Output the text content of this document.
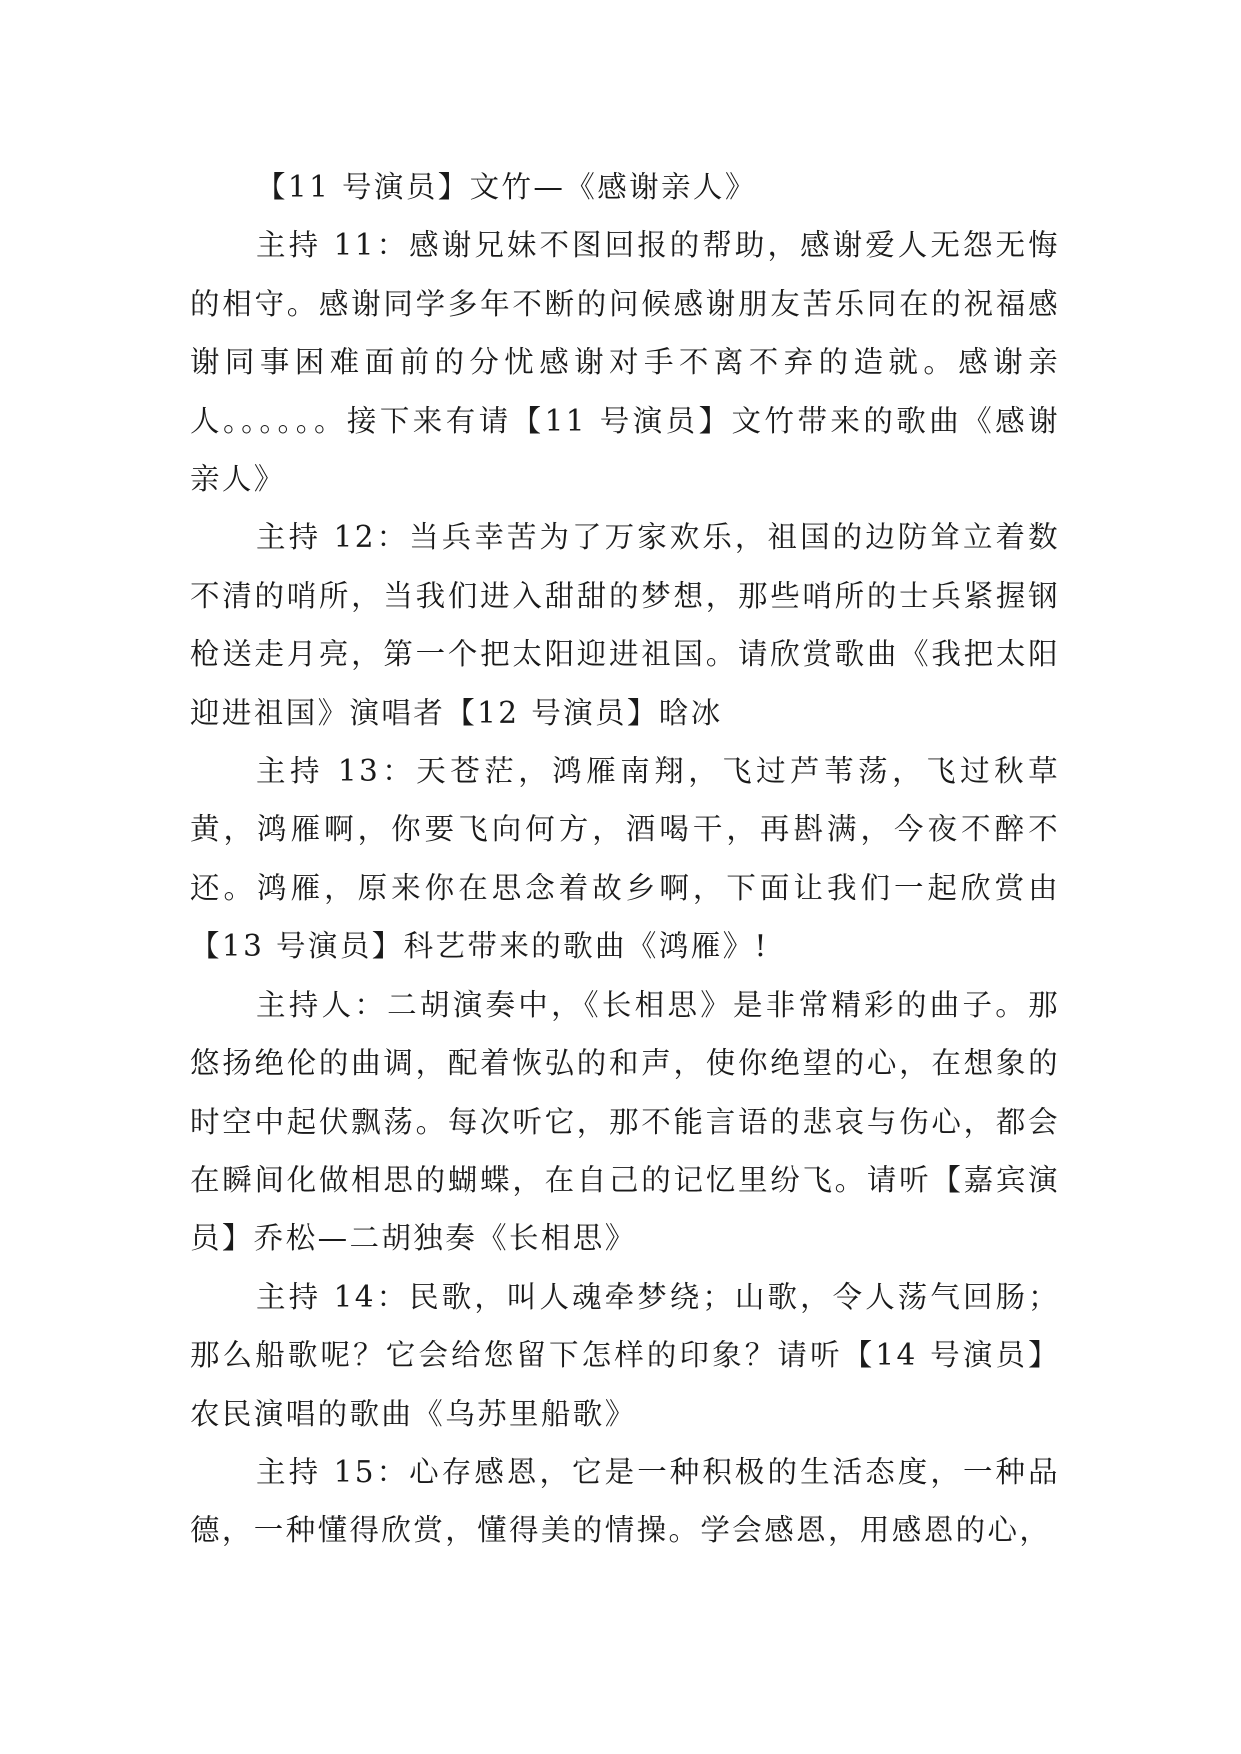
【11 号演员】文竹—《感谢亲人》

主持 11：感谢兄妹不图回报的帮助，感谢爱人无怨无悔的相守。感谢同学多年不断的问候感谢朋友苦乐同在的祝福感谢同事困难面前的分忧感谢对手不离不弃的造就。感谢亲人。。。。。。接下来有请【11 号演员】文竹带来的歌曲《感谢亲人》

主持 12：当兵幸苦为了万家欢乐，祖国的边防耸立着数不清的哨所，当我们进入甜甜的梦想，那些哨所的士兵紧握钢枪送走月亮，第一个把太阳迎进祖国。请欣赏歌曲《我把太阳迎进祖国》演唱者【12 号演员】晗冰

主持 13：天苍茫，鸿雁南翔，飞过芦苇荡，飞过秋草黄，鸿雁啊，你要飞向何方，酒喝干，再斟满，今夜不醉不还。鸿雁，原来你在思念着故乡啊，下面让我们一起欣赏由【13 号演员】科艺带来的歌曲《鸿雁》!

主持人：二胡演奏中，《长相思》是非常精彩的曲子。那悠扬绝伦的曲调，配着恢弘的和声，使你绝望的心，在想象的时空中起伏飘荡。每次听它，那不能言语的悲哀与伤心，都会在瞬间化做相思的蝴蝶，在自己的记忆里纷飞。请听【嘉宾演员】乔松—二胡独奏《长相思》

主持 14：民歌，叫人魂牵梦绕；山歌，令人荡气回肠；那么船歌呢？它会给您留下怎样的印象？请听【14 号演员】农民演唱的歌曲《乌苏里船歌》

主持 15：心存感恩，它是一种积极的生活态度，一种品德，一种懂得欣赏，懂得美的情操。学会感恩，用感恩的心，
